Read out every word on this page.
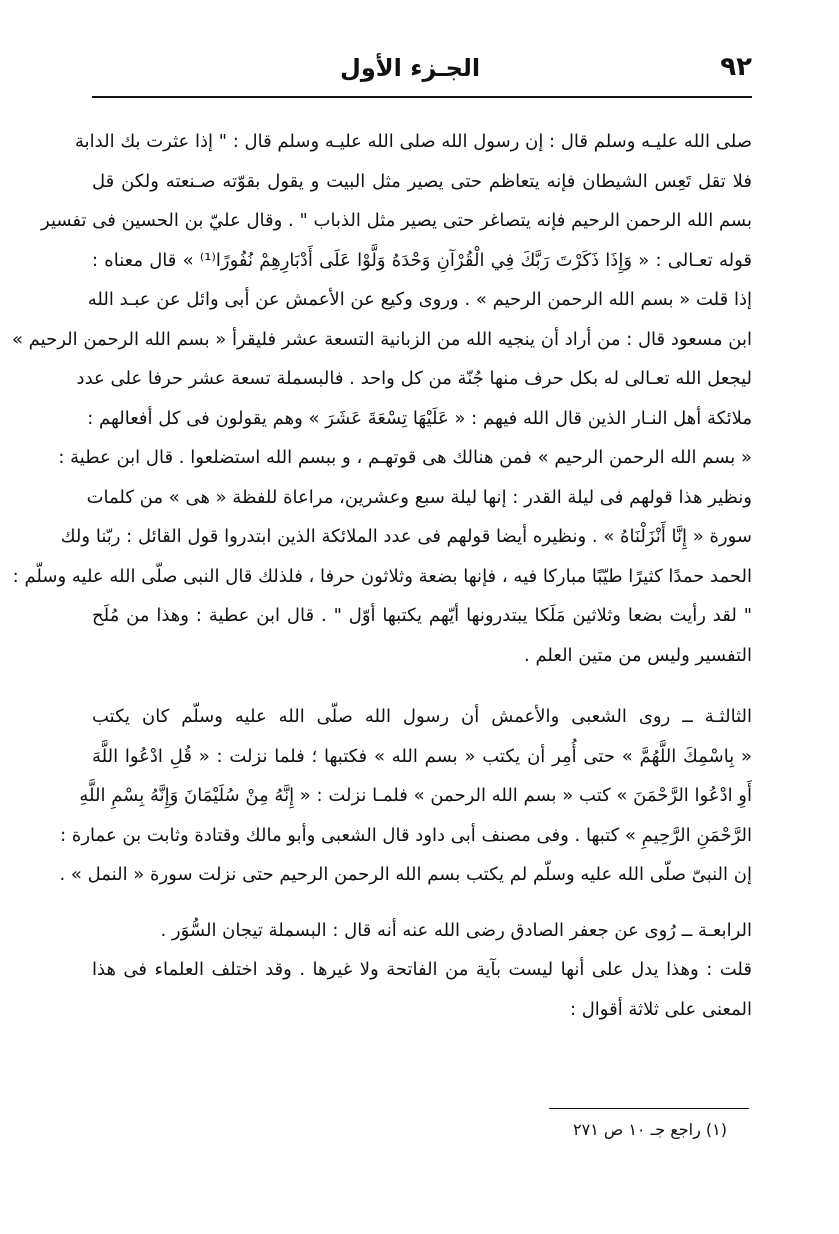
٩٢
الجـزء الأول
صلى الله عليـه وسلم قال : إن رسول الله صلى الله عليـه وسلم قال : " إذا عثرت بك الدابة
فلا تقل تَعِس الشيطان فإنه يتعاظم حتى يصير مثل البيت و يقول بقوّته صـنعته ولكن قل
بسم الله الرحمن الرحيم فإنه يتصاغر حتى يصير مثل الذباب " . وقال عليّ بن الحسين فى تفسير
قوله تعـالى : « وَإِذَا ذَكَرْتَ رَبَّكَ فِي الْقُرْآنِ وَحْدَهُ وَلَّوْا عَلَى أَدْبَارِهِمْ نُفُورًا⁽¹⁾ » قال معناه :
إذا قلت « بسم الله الرحمن الرحيم » . وروى وكيع عن الأعمش عن أبى وائل عن عبـد الله
ابن مسعود قال : من أراد أن ينجيه الله من الزبانية التسعة عشر فليقرأ « بسم الله الرحمن الرحيم »
ليجعل الله تعـالى له بكل حرف منها جُنّة من كل واحد . فالبسملة تسعة عشر حرفا على عدد
ملائكة أهل النـار الذين قال الله فيهم : « عَلَيْهَا تِسْعَةَ عَشَرَ » وهم يقولون فى كل أفعالهم :
« بسم الله الرحمن الرحيم » فمن هنالك هى قوتهـم ، و ببسم الله استضلعوا . قال ابن عطية :
ونظير هذا قولهم فى ليلة القدر : إنها ليلة سبع وعشرين، مراعاة للفظة « هى » من كلمات
سورة « إِنَّا أَنْزَلْنَاهُ » . ونظيره أيضا قولهم فى عدد الملائكة الذين ابتدروا قول القائل : ربّنا ولك
الحمد حمدًا كثيرًا طيّبًا مباركا فيه ، فإنها بضعة وثلاثون حرفا ، فلذلك قال النبى صلّى الله عليه وسلّم :
" لقد رأيت بضعا وثلاثين مَلَكا يبتدرونها أيّهم يكتبها أوّل " . قال ابن عطية : وهذا من مُلَح
التفسير وليس من متين العلم .
الثالثـة ــ روى الشعبى والأعمش أن رسول الله صلّى الله عليه وسلّم كان يكتب
« بِاسْمِكَ اللَّهُمَّ » حتى أُمِر أن يكتب « بسم الله » فكتبها ؛ فلما نزلت : « قُلِ ادْعُوا اللَّهَ
أَوِ ادْعُوا الرَّحْمَنَ » كتب « بسم الله الرحمن » فلمـا نزلت : « إِنَّهُ مِنْ سُلَيْمَانَ وَإِنَّهُ بِسْمِ اللَّهِ
الرَّحْمَنِ الرَّحِيمِ » كتبها . وفى مصنف أبى داود قال الشعبى وأبو مالك وقتادة وثابت بن عمارة :
إن النبىّ صلّى الله عليه وسلّم لم يكتب بسم الله الرحمن الرحيم حتى نزلت سورة « النمل » .
الرابعـة ــ رُوى عن جعفر الصادق رضى الله عنه أنه قال : البسملة تيجان السُّوَر .
قلت : وهذا يدل على أنها ليست بآية من الفاتحة ولا غيرها . وقد اختلف العلماء فى هذا
المعنى على ثلاثة أقوال :
(١) راجع جـ ١٠ ص ٢٧١
